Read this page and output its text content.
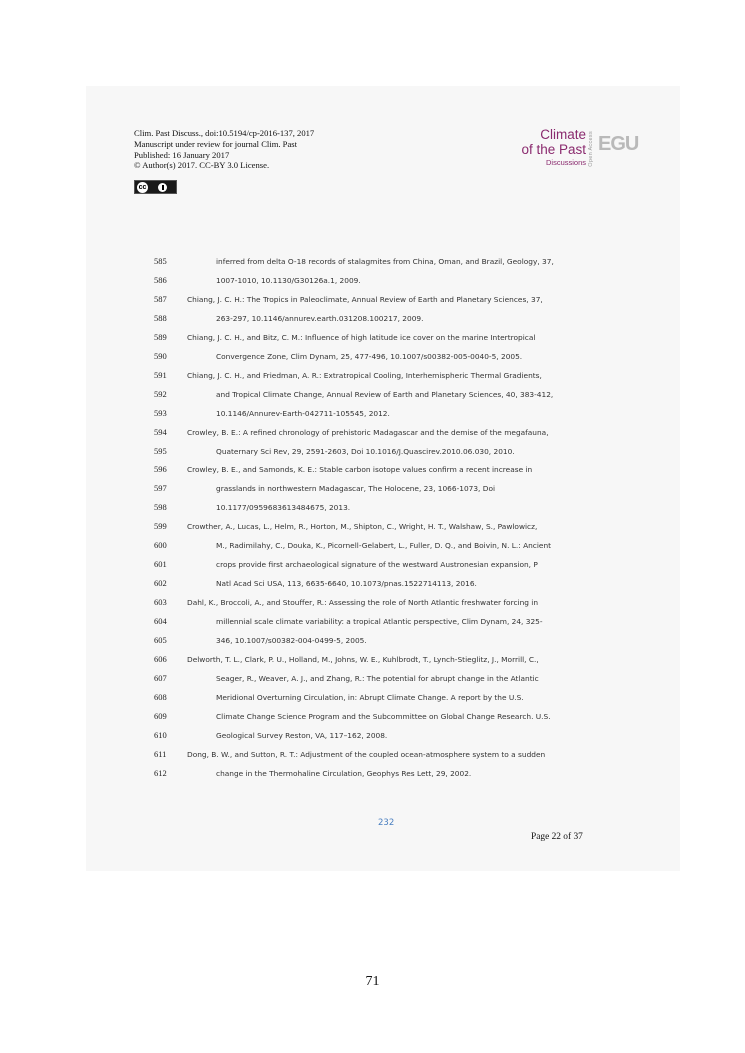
Clim. Past Discuss., doi:10.5194/cp-2016-137, 2017
Manuscript under review for journal Clim. Past
Published: 16 January 2017
© Author(s) 2017. CC-BY 3.0 License.
cc
Climate
of the Past
Discussions Open Access EGU
585	inferred from delta O-18 records of stalagmites from China, Oman, and Brazil, Geology, 37,
586	1007-1010, 10.1130/G30126a.1, 2009.
587	Chiang, J. C. H.: The Tropics in Paleoclimate, Annual Review of Earth and Planetary Sciences, 37,
588	263-297, 10.1146/annurev.earth.031208.100217, 2009.
589	Chiang, J. C. H., and Bitz, C. M.: Influence of high latitude ice cover on the marine Intertropical
590	Convergence Zone, Clim Dynam, 25, 477-496, 10.1007/s00382-005-0040-5, 2005.
591	Chiang, J. C. H., and Friedman, A. R.: Extratropical Cooling, Interhemispheric Thermal Gradients,
592	and Tropical Climate Change, Annual Review of Earth and Planetary Sciences, 40, 383-412,
593	10.1146/Annurev-Earth-042711-105545, 2012.
594	Crowley, B. E.: A refined chronology of prehistoric Madagascar and the demise of the megafauna,
595	Quaternary Sci Rev, 29, 2591-2603, Doi 10.1016/J.Quascirev.2010.06.030, 2010.
596	Crowley, B. E., and Samonds, K. E.: Stable carbon isotope values confirm a recent increase in
597	grasslands in northwestern Madagascar, The Holocene, 23, 1066-1073, Doi
598	10.1177/0959683613484675, 2013.
599	Crowther, A., Lucas, L., Helm, R., Horton, M., Shipton, C., Wright, H. T., Walshaw, S., Pawlowicz,
600	M., Radimilahy, C., Douka, K., Picornell-Gelabert, L., Fuller, D. Q., and Boivin, N. L.: Ancient
601	crops provide first archaeological signature of the westward Austronesian expansion, P
602	Natl Acad Sci USA, 113, 6635-6640, 10.1073/pnas.1522714113, 2016.
603	Dahl, K., Broccoli, A., and Stouffer, R.: Assessing the role of North Atlantic freshwater forcing in
604	millennial scale climate variability: a tropical Atlantic perspective, Clim Dynam, 24, 325-
605	346, 10.1007/s00382-004-0499-5, 2005.
606	Delworth, T. L., Clark, P. U., Holland, M., Johns, W. E., Kuhlbrodt, T., Lynch-Stieglitz, J., Morrill, C.,
607	Seager, R., Weaver, A. J., and Zhang, R.: The potential for abrupt change in the Atlantic
608	Meridional Overturning Circulation, in: Abrupt Climate Change. A report by the U.S.
609	Climate Change Science Program and the Subcommittee on Global Change Research. U.S.
610	Geological Survey Reston, VA, 117–162, 2008.
611	Dong, B. W., and Sutton, R. T.: Adjustment of the coupled ocean-atmosphere system to a sudden
612	change in the Thermohaline Circulation, Geophys Res Lett, 29, 2002.
232
Page 22 of 37
71
